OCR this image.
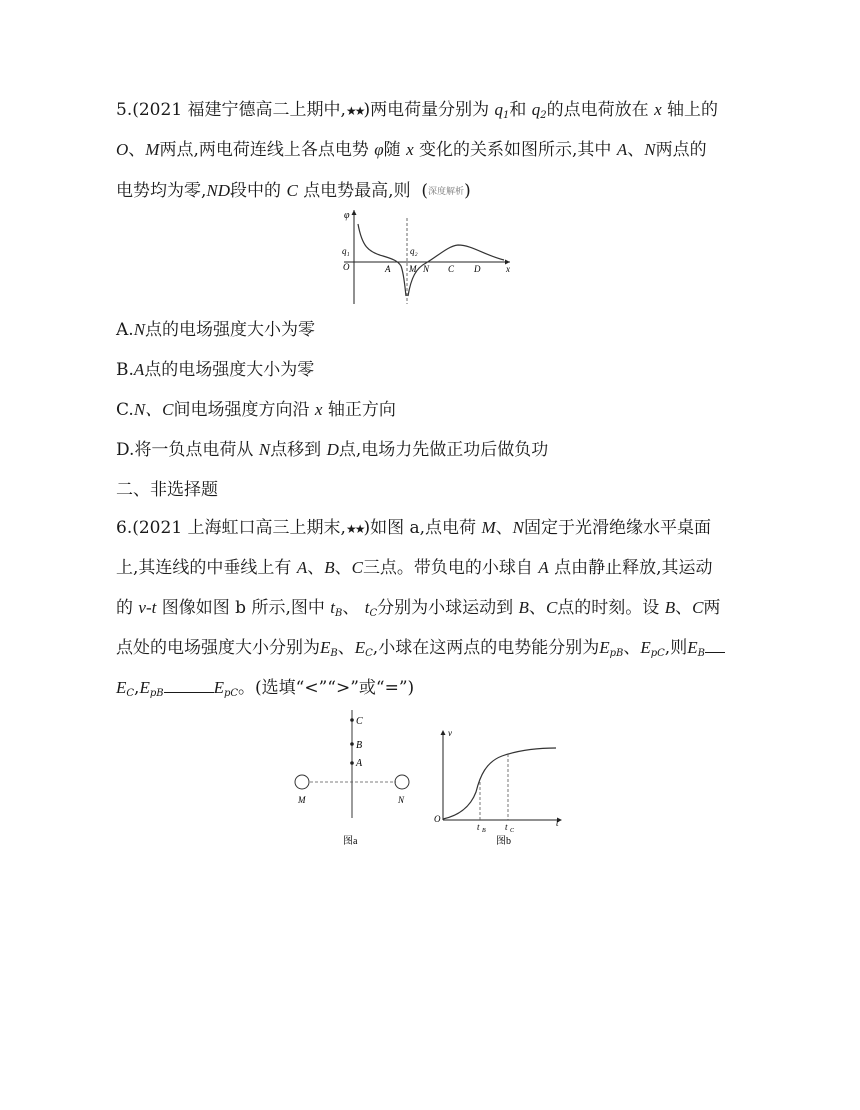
5.(2021 福建宁德高二上期中,★★)两电荷量分别为 $q_1$和 $q_2$的点电荷放在 x 轴上的
O、M两点,两电荷连线上各点电势 φ随 x 变化的关系如图所示,其中 A、N两点的
电势均为零,ND段中的 C 点电势最高,则 (深度解析)
φ
q₁
O	A
q₂
M N C D	x
A.N点的电场强度大小为零
B.A点的电场强度大小为零
C.N、C间电场强度方向沿 x 轴正方向
D.将一负点电荷从 N点移到 D点,电场力先做正功后做负功
二、非选择题
6.(2021 上海虹口高三上期末,★★)如图 a,点电荷 M、N固定于光滑绝缘水平桌面
上,其连线的中垂线上有 A、B、C三点。带负电的小球自 A 点由静止释放,其运动
的 v-t 图像如图 b 所示,图中 $t_B$、 $t_C$分别为小球运动到 B、C点的时刻。设 B、C两
点处的电场强度大小分别为$E_B$、$E_C$,小球在这两点的电势能分别为$E_{pB}$、$E_{pC}$,则$E_B$
$E_C,E_{pB}$	$E_{pC}$。(选填“<”“>”或“=”)
C
B
A
M	N
图a
v
O	t
t B t C
图b
